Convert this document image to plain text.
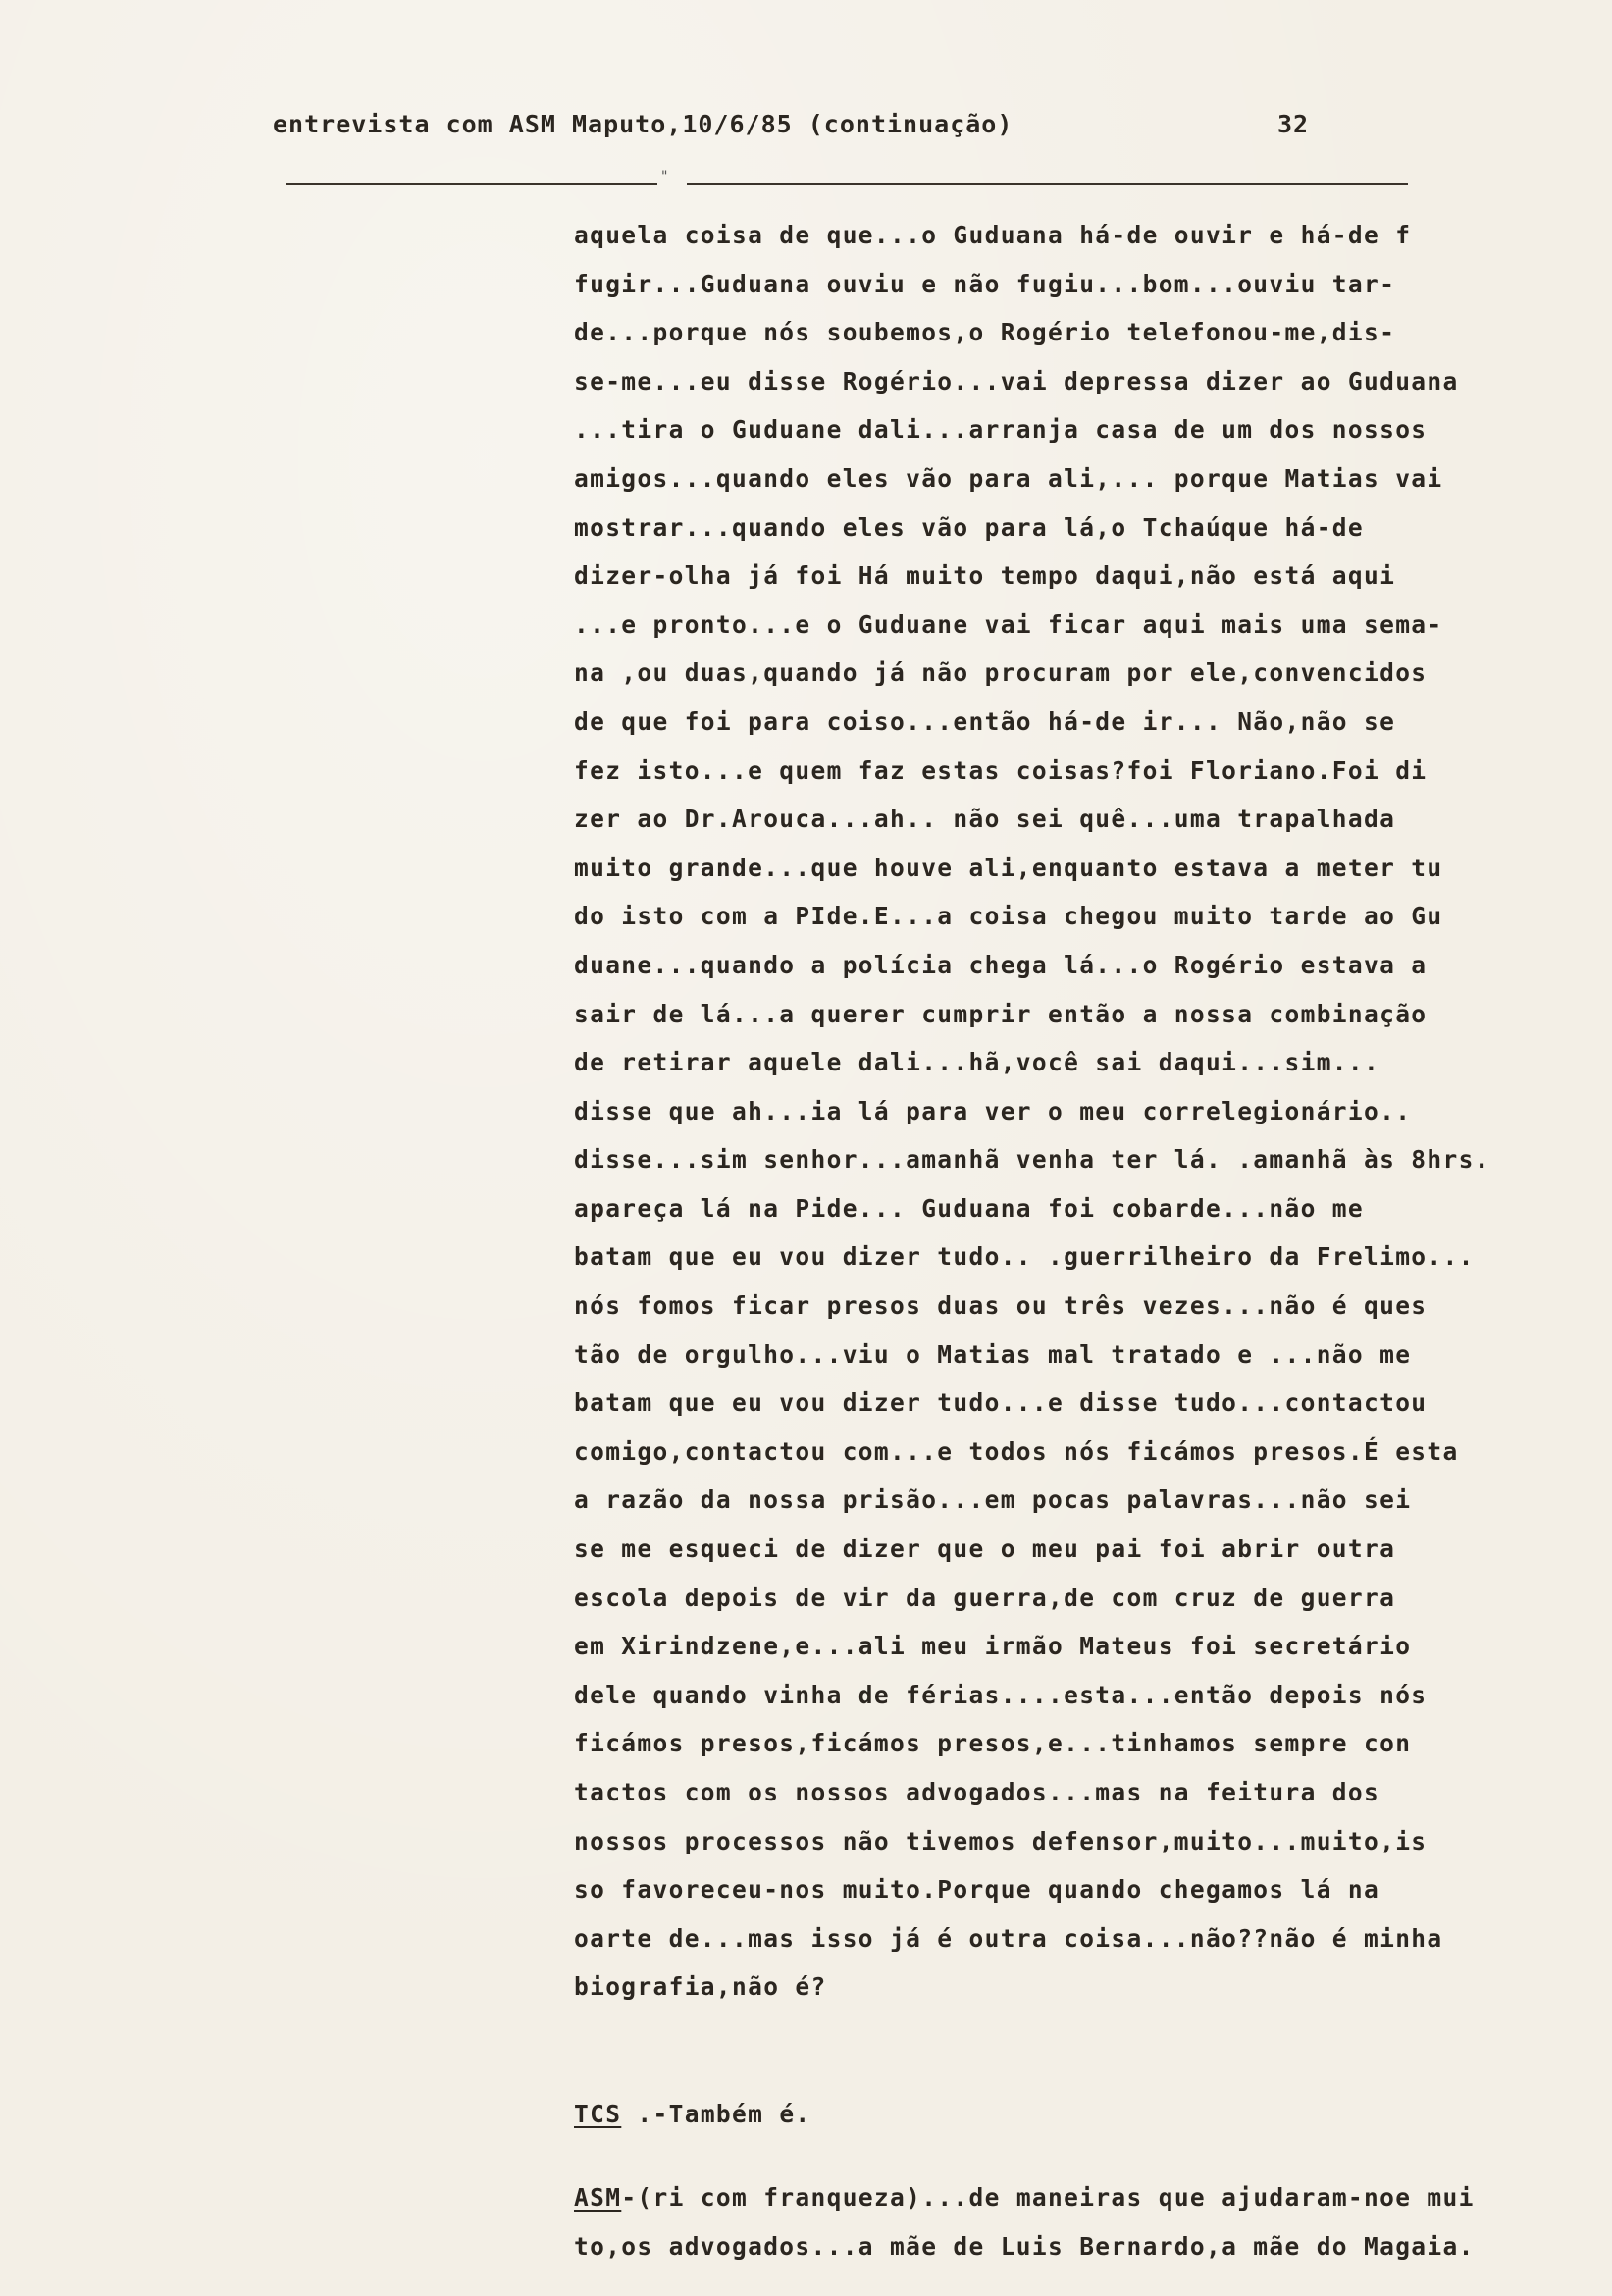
entrevista com ASM Maputo,10/6/85 (continuação)	32
"
aquela coisa de que...o Guduana há-de ouvir e há-de f
fugir...Guduana ouviu e não fugiu...bom...ouviu tar-
de...porque nós soubemos,o Rogério telefonou-me,dis-
se-me...eu disse Rogério...vai depressa dizer ao Guduana
...tira o Guduane dali...arranja casa de um dos nossos
amigos...quando eles vão para ali,... porque Matias vai
mostrar...quando eles vão para lá,o Tchaúque há-de
dizer-olha já foi Há muito tempo daqui,não está aqui
...e pronto...e o Guduane vai ficar aqui mais uma sema-
na ,ou duas,quando já não procuram por ele,convencidos
de que foi para coiso...então há-de ir... Não,não se
fez isto...e quem faz estas coisas?foi Floriano.Foi di
zer ao Dr.Arouca...ah.. não sei quê...uma trapalhada
muito grande...que houve ali,enquanto estava a meter tu
do isto com a PIde.E...a coisa chegou muito tarde ao Gu
duane...quando a polícia chega lá...o Rogério estava a
sair de lá...a querer cumprir então a nossa combinação
de retirar aquele dali...hã,você sai daqui...sim...
disse que ah...ia lá para ver o meu correlegionário..
disse...sim senhor...amanhã venha ter lá. .amanhã às 8hrs.
apareça lá na Pide... Guduana foi cobarde...não me
batam que eu vou dizer tudo.. .guerrilheiro da Frelimo...
nós fomos ficar presos duas ou três vezes...não é ques
tão de orgulho...viu o Matias mal tratado e ...não me
batam que eu vou dizer tudo...e disse tudo...contactou
comigo,contactou com...e todos nós ficámos presos.É esta
a razão da nossa prisão...em pocas palavras...não sei
se me esqueci de dizer que o meu pai foi abrir outra
escola depois de vir da guerra,de com cruz de guerra
em Xirindzene,e...ali meu irmão Mateus foi secretário
dele quando vinha de férias....esta...então depois nós
ficámos presos,ficámos presos,e...tinhamos sempre con
tactos com os nossos advogados...mas na feitura dos
nossos processos não tivemos defensor,muito...muito,is
so favoreceu-nos muito.Porque quando chegamos lá na
oarte de...mas isso já é outra coisa...não??não é minha
biografia,não é?
TCS .-Também é.
ASM-(ri com franqueza)...de maneiras que ajudaram-noe mui
to,os advogados...a mãe de Luis Bernardo,a mãe do Magaia.
